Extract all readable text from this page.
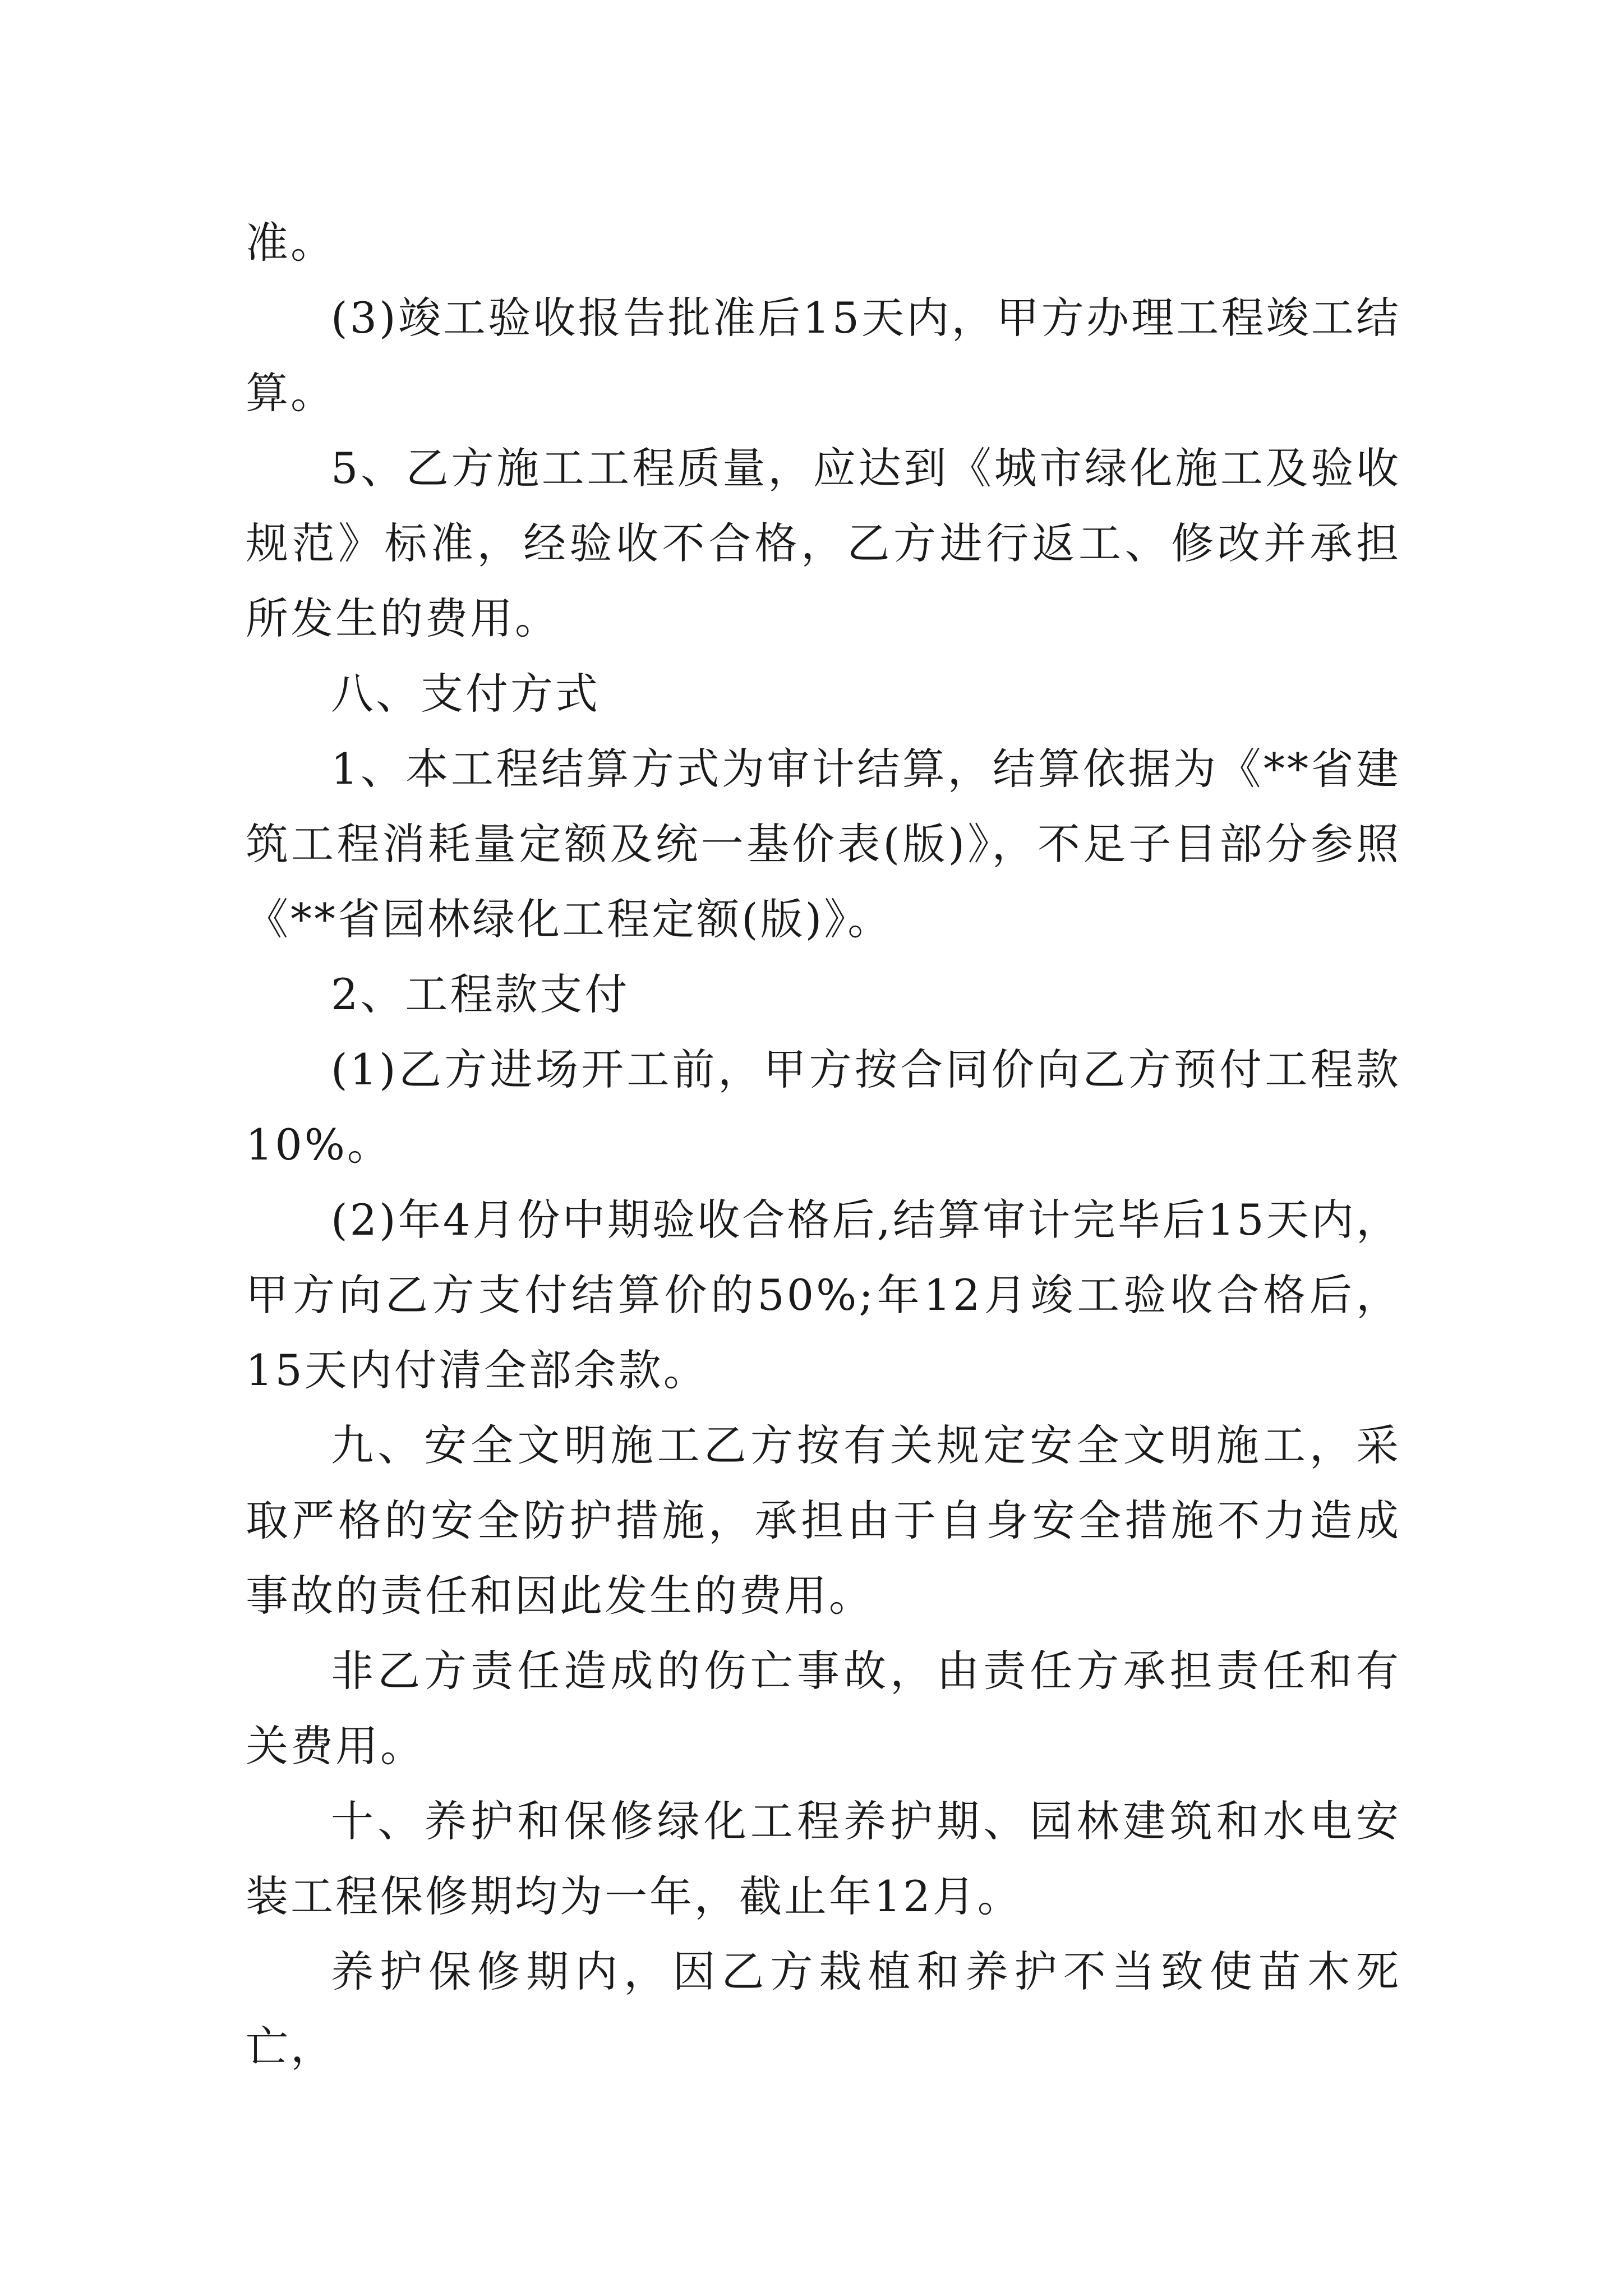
准。

(3)竣工验收报告批准后15天内，甲方办理工程竣工结算。

5、乙方施工工程质量，应达到《城市绿化施工及验收规范》标准，经验收不合格，乙方进行返工、修改并承担所发生的费用。

八、支付方式

1、本工程结算方式为审计结算，结算依据为《**省建筑工程消耗量定额及统一基价表(版)》，不足子目部分参照《**省园林绿化工程定额(版)》。

2、工程款支付

(1)乙方进场开工前，甲方按合同价向乙方预付工程款10%。

(2)年4月份中期验收合格后,结算审计完毕后15天内，甲方向乙方支付结算价的50%;年12月竣工验收合格后，15天内付清全部余款。

九、安全文明施工乙方按有关规定安全文明施工，采取严格的安全防护措施，承担由于自身安全措施不力造成事故的责任和因此发生的费用。

非乙方责任造成的伤亡事故，由责任方承担责任和有关费用。

十、养护和保修绿化工程养护期、园林建筑和水电安装工程保修期均为一年，截止年12月。

养护保修期内，因乙方栽植和养护不当致使苗木死亡，
